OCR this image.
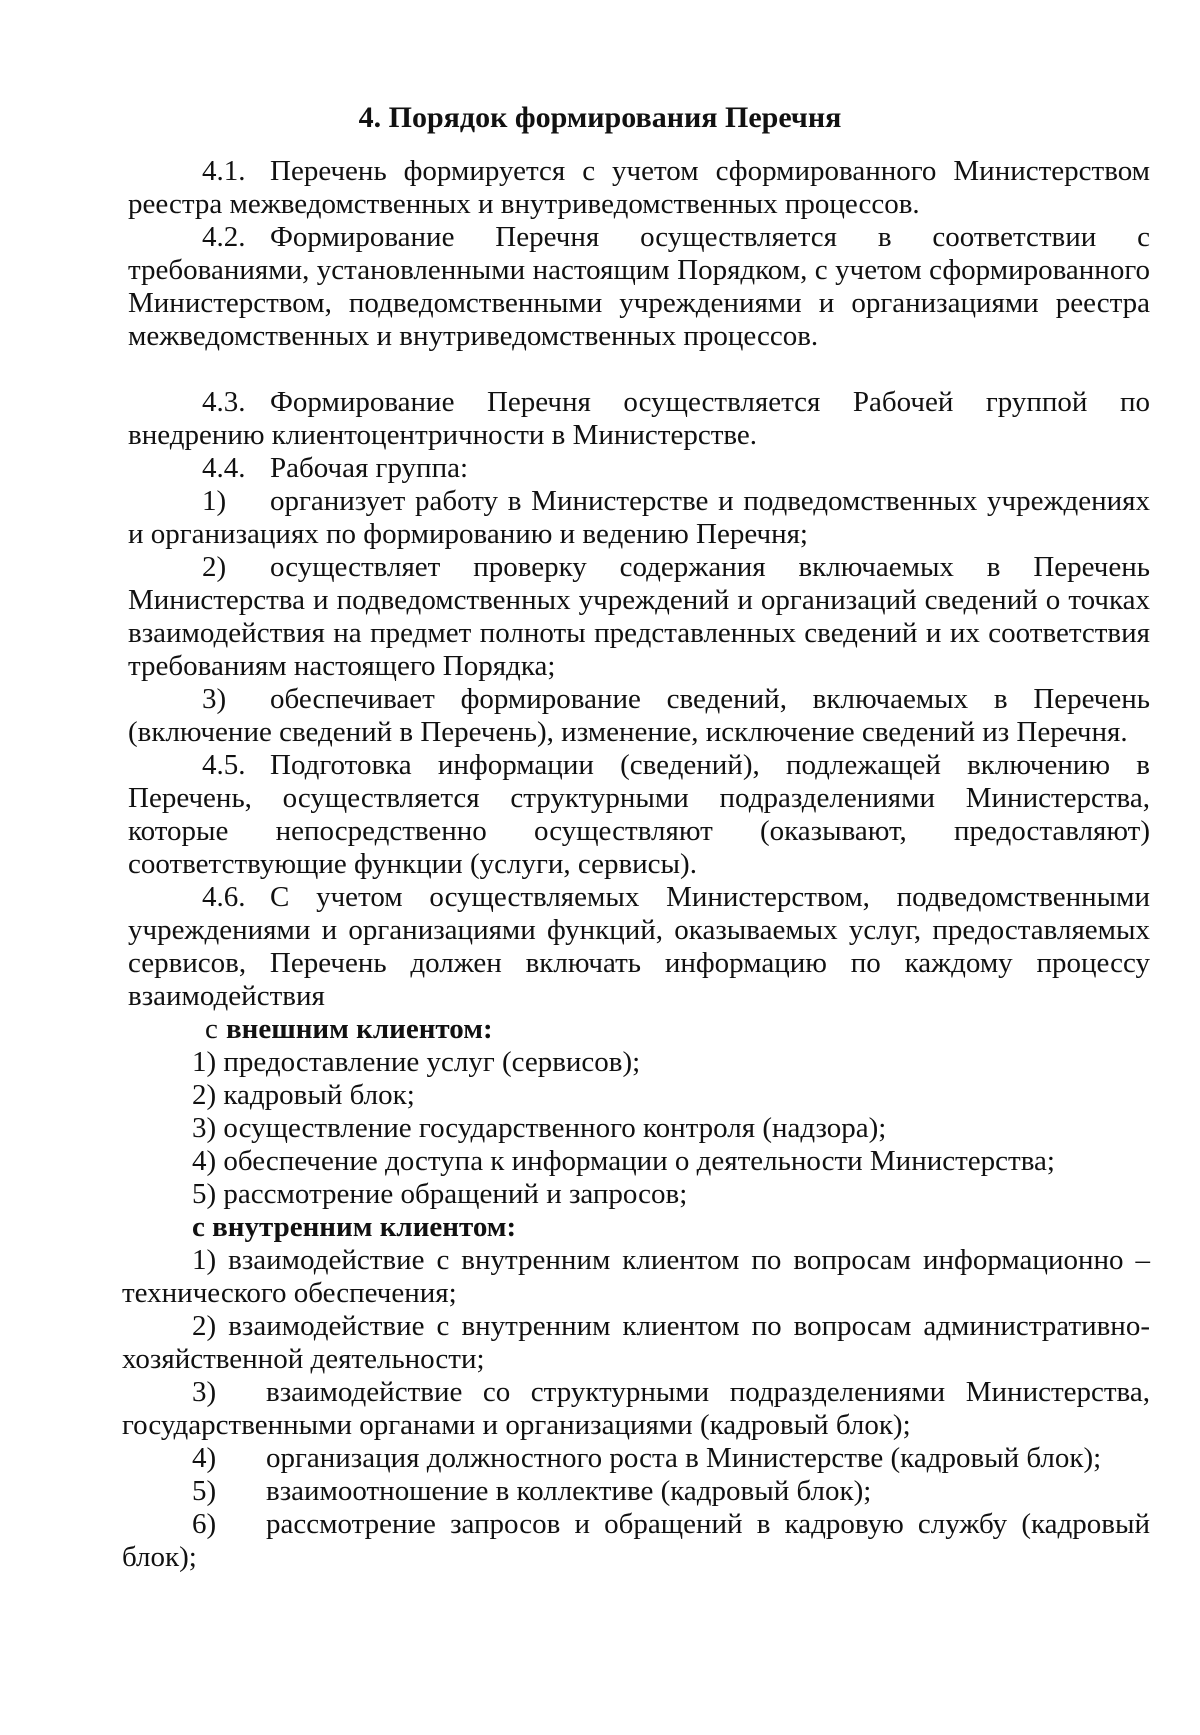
4. Порядок формирования Перечня
4.1. Перечень формируется с учетом сформированного Министерством

реестра межведомственных и внутриведомственных процессов.

4.2. Формирование Перечня осуществляется в соответствии с

требованиями, установленными настоящим Порядком, с учетом сформированного Министерством, подведомственными учреждениями и организациями реестра межведомственных и внутриведомственных процессов.

4.3. Формирование Перечня осуществляется Рабочей группой по

внедрению клиентоцентричности в Министерстве.

4.4. Рабочая группа:
1) организует работу в Министерстве и подведомственных учреждениях

и организациях по формированию и ведению Перечня;

2) осуществляет проверку содержания включаемых в Перечень

Министерства и подведомственных учреждений и организаций сведений о точках взаимодействия на предмет полноты представленных сведений и их соответствия требованиям настоящего Порядка;

3) обеспечивает формирование сведений, включаемых в Перечень

(включение сведений в Перечень), изменение, исключение сведений из Перечня.

4.5. Подготовка информации (сведений), подлежащей включению в

Перечень, осуществляется структурными подразделениями Министерства, которые непосредственно осуществляют (оказывают, предоставляют) соответствующие функции (услуги, сервисы).

4.6. С учетом осуществляемых Министерством, подведомственными

учреждениями и организациями функций, оказываемых услуг, предоставляемых сервисов, Перечень должен включать информацию по каждому процессу взаимодействия

с внешним клиентом:
1) предоставление услуг (сервисов);
2) кадровый блок;
3) осуществление государственного контроля (надзора);
4) обеспечение доступа к информации о деятельности Министерства;
5) рассмотрение обращений и запросов;
с внутренним клиентом:
1) взаимодействие с внутренним клиентом по вопросам информационно –

технического обеспечения;

2) взаимодействие с внутренним клиентом по вопросам административно-

хозяйственной деятельности;

3) взаимодействие со структурными подразделениями Министерства,

государственными органами и организациями (кадровый блок);

4) организация должностного роста в Министерстве (кадровый блок);
5) взаимоотношение в коллективе (кадровый блок);
6) рассмотрение запросов и обращений в кадровую службу (кадровый

блок);
